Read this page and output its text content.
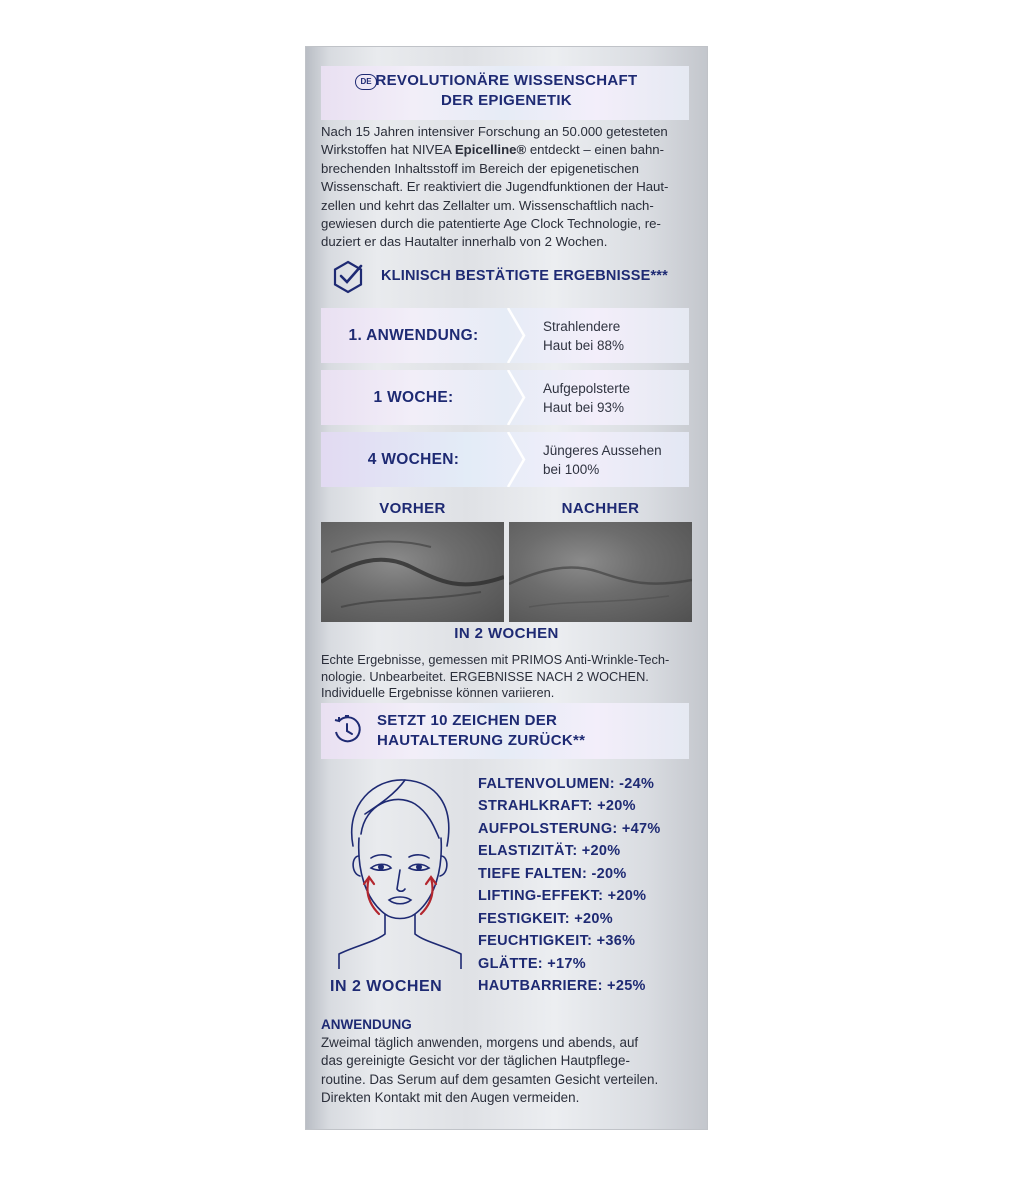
DE REVOLUTIONÄRE WISSENSCHAFT
DER EPIGENETIK
Nach 15 Jahren intensiver Forschung an 50.000 getesteten
Wirkstoffen hat NIVEA Epicelline® entdeckt – einen bahn-
brechenden Inhaltsstoff im Bereich der epigenetischen
Wissenschaft. Er reaktiviert die Jugendfunktionen der Haut-
zellen und kehrt das Zellalter um. Wissenschaftlich nach-
gewiesen durch die patentierte Age Clock Technologie, re-
duziert er das Hautalter innerhalb von 2 Wochen.
KLINISCH BESTÄTIGTE ERGEBNISSE***
1. ANWENDUNG:	Strahlendere
Haut bei 88%
1 WOCHE:	Aufgepolsterte
Haut bei 93%
4 WOCHEN:	Jüngeres Aussehen
bei 100%
VORHER	NACHHER
IN 2 WOCHEN
Echte Ergebnisse, gemessen mit PRIMOS Anti-Wrinkle-Tech-
nologie. Unbearbeitet. ERGEBNISSE NACH 2 WOCHEN.
Individuelle Ergebnisse können variieren.
SETZT 10 ZEICHEN DER
HAUTALTERUNG ZURÜCK**
IN 2 WOCHEN
FALTENVOLUMEN: -24%
STRAHLKRAFT: +20%
AUFPOLSTERUNG: +47%
ELASTIZITÄT: +20%
TIEFE FALTEN: -20%
LIFTING-EFFEKT: +20%
FESTIGKEIT: +20%
FEUCHTIGKEIT: +36%
GLÄTTE: +17%
HAUTBARRIERE: +25%
ANWENDUNG
Zweimal täglich anwenden, morgens und abends, auf
das gereinigte Gesicht vor der täglichen Hautpflege-
routine. Das Serum auf dem gesamten Gesicht verteilen.
Direkten Kontakt mit den Augen vermeiden.
